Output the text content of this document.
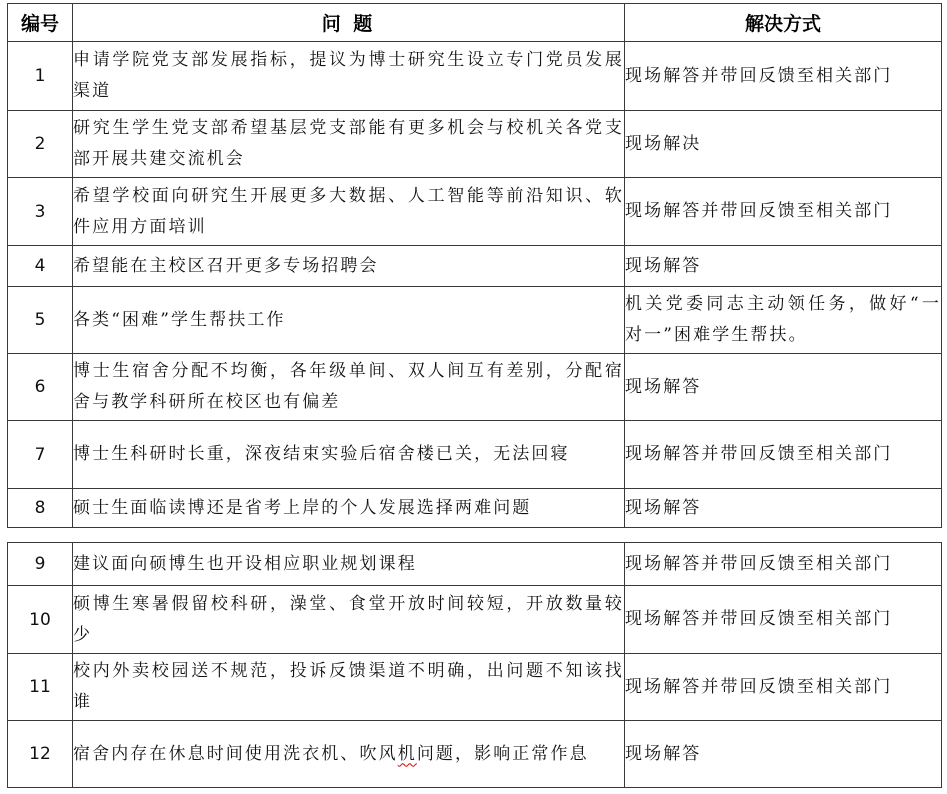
编号	问 题	解决方式
1	申请学院党支部发展指标，提议为博士研究生设立专门党员发展渠道	现场解答并带回反馈至相关部门
2	研究生学生党支部希望基层党支部能有更多机会与校机关各党支部开展共建交流机会	现场解决
3	希望学校面向研究生开展更多大数据、人工智能等前沿知识、软件应用方面培训	现场解答并带回反馈至相关部门
4	希望能在主校区召开更多专场招聘会	现场解答
5	各类“困难”学生帮扶工作	机关党委同志主动领任务，做好“一对一”困难学生帮扶。
6	博士生宿舍分配不均衡，各年级单间、双人间互有差别，分配宿舍与教学科研所在校区也有偏差	现场解答
7	博士生科研时长重，深夜结束实验后宿舍楼已关，无法回寝	现场解答并带回反馈至相关部门
8	硕士生面临读博还是省考上岸的个人发展选择两难问题	现场解答
9	建议面向硕博生也开设相应职业规划课程	现场解答并带回反馈至相关部门
10	硕博生寒暑假留校科研，澡堂、食堂开放时间较短，开放数量较少	现场解答并带回反馈至相关部门
11	校内外卖校园送不规范，投诉反馈渠道不明确，出问题不知该找谁	现场解答并带回反馈至相关部门
12	宿舍内存在休息时间使用洗衣机、吹风机问题，影响正常作息	现场解答
